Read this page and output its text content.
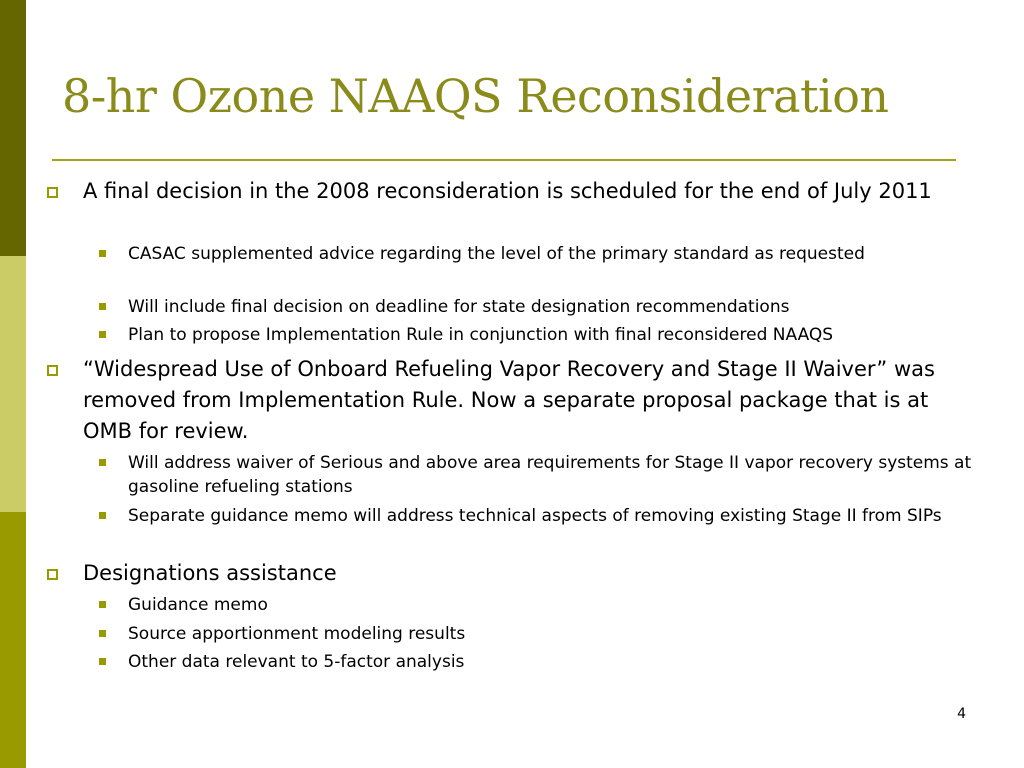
8-hr Ozone NAAQS Reconsideration

A final decision in the 2008 reconsideration is scheduled for the end of July 2011

CASAC supplemented advice regarding the level of the primary standard as requested

Will include final decision on deadline for state designation recommendations

Plan to propose Implementation Rule in conjunction with final reconsidered NAAQS

“Widespread Use of Onboard Refueling Vapor Recovery and Stage II Waiver” was removed from Implementation Rule. Now a separate proposal package that is at OMB for review.

Will address waiver of Serious and above area requirements for Stage II vapor recovery systems at gasoline refueling stations

Separate guidance memo will address technical aspects of removing existing Stage II from SIPs

Designations assistance

Guidance memo

Source apportionment modeling results

Other data relevant to 5-factor analysis

4
